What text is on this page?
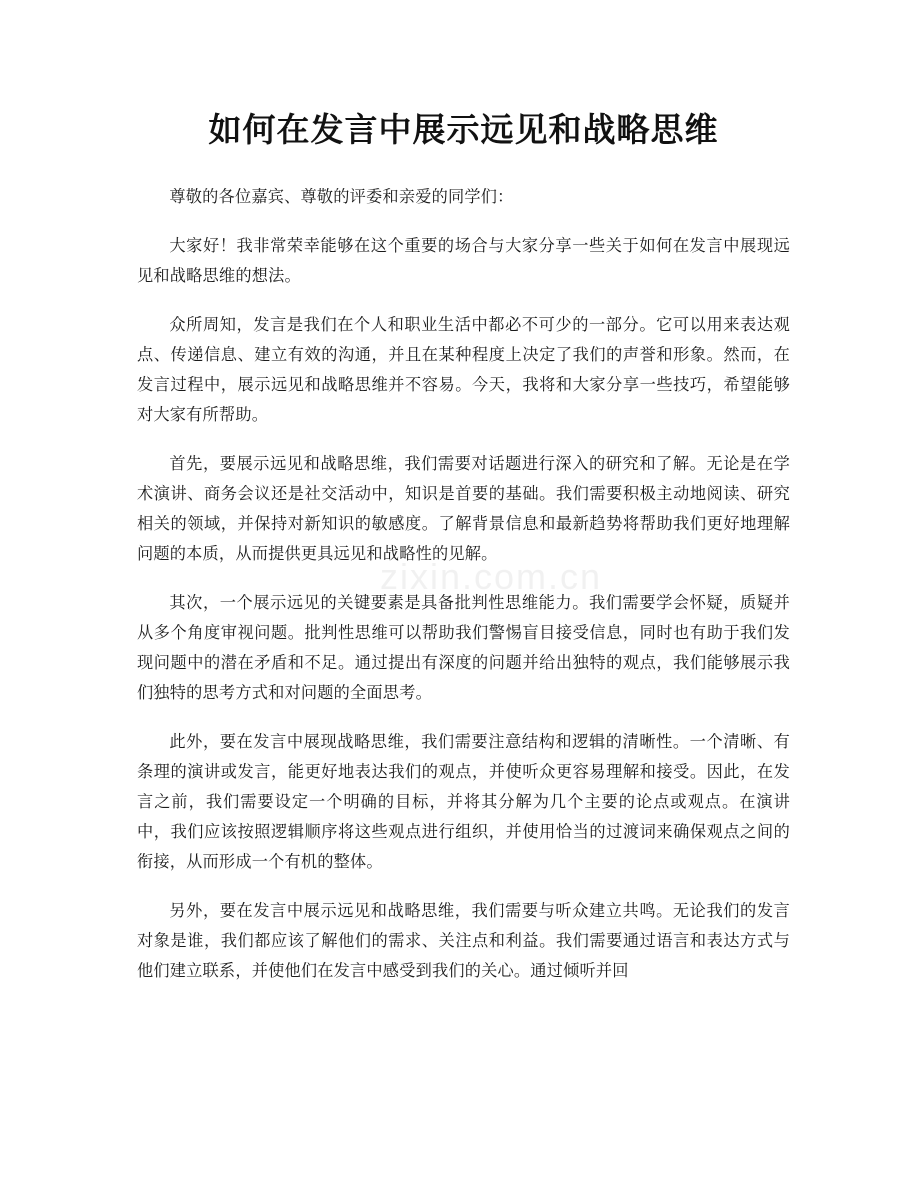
如何在发言中展示远见和战略思维

尊敬的各位嘉宾、尊敬的评委和亲爱的同学们：

大家好！我非常荣幸能够在这个重要的场合与大家分享一些关于如何在发言中展现远见和战略思维的想法。

众所周知，发言是我们在个人和职业生活中都必不可少的一部分。它可以用来表达观点、传递信息、建立有效的沟通，并且在某种程度上决定了我们的声誉和形象。然而，在发言过程中，展示远见和战略思维并不容易。今天，我将和大家分享一些技巧，希望能够对大家有所帮助。

首先，要展示远见和战略思维，我们需要对话题进行深入的研究和了解。无论是在学术演讲、商务会议还是社交活动中，知识是首要的基础。我们需要积极主动地阅读、研究相关的领域，并保持对新知识的敏感度。了解背景信息和最新趋势将帮助我们更好地理解问题的本质，从而提供更具远见和战略性的见解。

其次，一个展示远见的关键要素是具备批判性思维能力。我们需要学会怀疑，质疑并从多个角度审视问题。批判性思维可以帮助我们警惕盲目接受信息，同时也有助于我们发现问题中的潜在矛盾和不足。通过提出有深度的问题并给出独特的观点，我们能够展示我们独特的思考方式和对问题的全面思考。

此外，要在发言中展现战略思维，我们需要注意结构和逻辑的清晰性。一个清晰、有条理的演讲或发言，能更好地表达我们的观点，并使听众更容易理解和接受。因此，在发言之前，我们需要设定一个明确的目标，并将其分解为几个主要的论点或观点。在演讲中，我们应该按照逻辑顺序将这些观点进行组织，并使用恰当的过渡词来确保观点之间的衔接，从而形成一个有机的整体。

另外，要在发言中展示远见和战略思维，我们需要与听众建立共鸣。无论我们的发言对象是谁，我们都应该了解他们的需求、关注点和利益。我们需要通过语言和表达方式与他们建立联系，并使他们在发言中感受到我们的关心。通过倾听并回

zixin.com.cn
